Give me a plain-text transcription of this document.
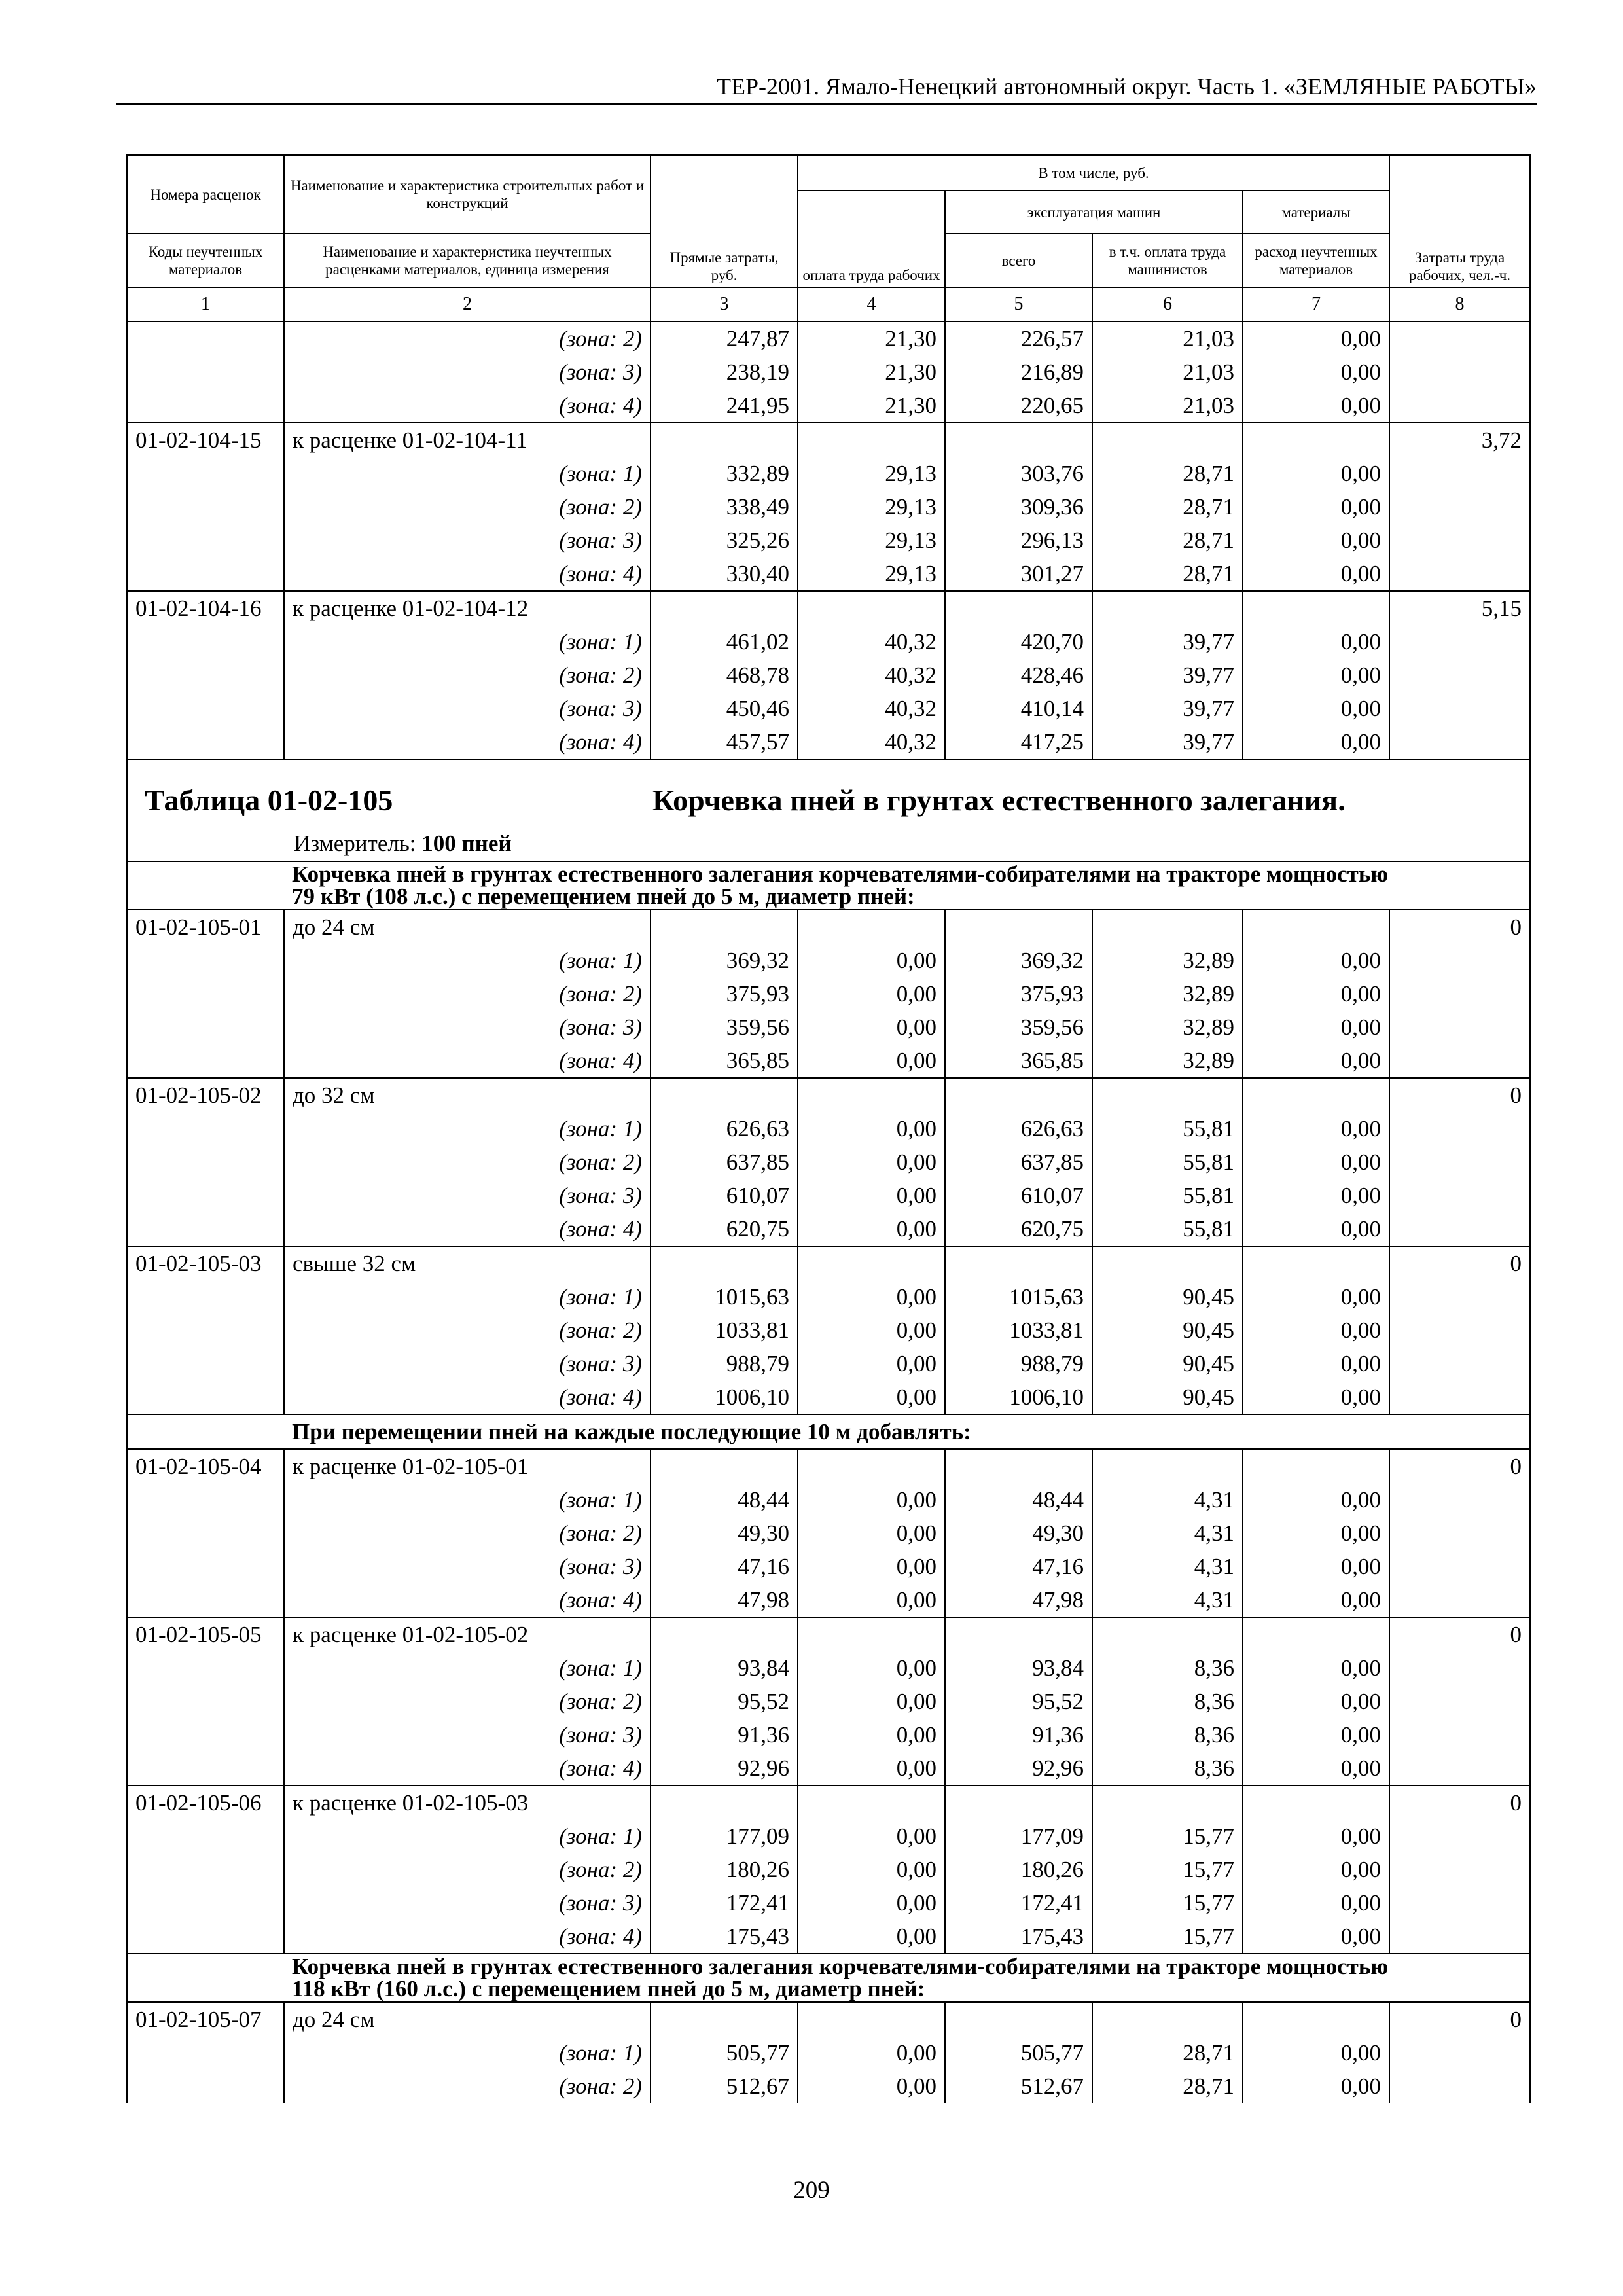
ТЕР-2001. Ямало-Ненецкий автономный округ. Часть 1. «ЗЕМЛЯНЫЕ РАБОТЫ»
Номера расценок	Наименование и характеристика строительных работ и конструкций	Прямые затраты, руб.	В том числе, руб.				Затраты труда рабочих, чел.-ч.
			оплата труда рабочих	эксплуатация машин		материалы	
Коды неучтенных материалов	Наименование и характеристика неучтенных расценками материалов, единица измерения			всего	в т.ч. оплата труда машинистов	расход неучтенных материалов	
1	2	3	4	5	6	7	8
	(зона: 2)	247,87	21,30	226,57	21,03	0,00	
	(зона: 3)	238,19	21,30	216,89	21,03	0,00	
	(зона: 4)	241,95	21,30	220,65	21,03	0,00	
01-02-104-15	к расценке 01-02-104-11						3,72
	(зона: 1)	332,89	29,13	303,76	28,71	0,00	
	(зона: 2)	338,49	29,13	309,36	28,71	0,00	
	(зона: 3)	325,26	29,13	296,13	28,71	0,00	
	(зона: 4)	330,40	29,13	301,27	28,71	0,00	
01-02-104-16	к расценке 01-02-104-12						5,15
	(зона: 1)	461,02	40,32	420,70	39,77	0,00	
	(зона: 2)	468,78	40,32	428,46	39,77	0,00	
	(зона: 3)	450,46	40,32	410,14	39,77	0,00	
	(зона: 4)	457,57	40,32	417,25	39,77	0,00	

Таблица 01-02-105 Корчевка пней в грунтах естественного залегания.
Измеритель: 100 пней							

	Корчевка пней в грунтах естественного залегания корчевателями-собирателями на тракторе мощностью 79 кВт (108 л.с.) с перемещением пней до 5 м, диаметр пней:						
01-02-105-01	до 24 см						0
	(зона: 1)	369,32	0,00	369,32	32,89	0,00	
	(зона: 2)	375,93	0,00	375,93	32,89	0,00	
	(зона: 3)	359,56	0,00	359,56	32,89	0,00	
	(зона: 4)	365,85	0,00	365,85	32,89	0,00	
01-02-105-02	до 32 см						0
	(зона: 1)	626,63	0,00	626,63	55,81	0,00	
	(зона: 2)	637,85	0,00	637,85	55,81	0,00	
	(зона: 3)	610,07	0,00	610,07	55,81	0,00	
	(зона: 4)	620,75	0,00	620,75	55,81	0,00	
01-02-105-03	свыше 32 см						0
	(зона: 1)	1015,63	0,00	1015,63	90,45	0,00	
	(зона: 2)	1033,81	0,00	1033,81	90,45	0,00	
	(зона: 3)	988,79	0,00	988,79	90,45	0,00	
	(зона: 4)	1006,10	0,00	1006,10	90,45	0,00	
	При перемещении пней на каждые последующие 10 м добавлять:						
01-02-105-04	к расценке 01-02-105-01						0
	(зона: 1)	48,44	0,00	48,44	4,31	0,00	
	(зона: 2)	49,30	0,00	49,30	4,31	0,00	
	(зона: 3)	47,16	0,00	47,16	4,31	0,00	
	(зона: 4)	47,98	0,00	47,98	4,31	0,00	
01-02-105-05	к расценке 01-02-105-02						0
	(зона: 1)	93,84	0,00	93,84	8,36	0,00	
	(зона: 2)	95,52	0,00	95,52	8,36	0,00	
	(зона: 3)	91,36	0,00	91,36	8,36	0,00	
	(зона: 4)	92,96	0,00	92,96	8,36	0,00	
01-02-105-06	к расценке 01-02-105-03						0
	(зона: 1)	177,09	0,00	177,09	15,77	0,00	
	(зона: 2)	180,26	0,00	180,26	15,77	0,00	
	(зона: 3)	172,41	0,00	172,41	15,77	0,00	
	(зона: 4)	175,43	0,00	175,43	15,77	0,00	
	Корчевка пней в грунтах естественного залегания корчевателями-собирателями на тракторе мощностью 118 кВт (160 л.с.) с перемещением пней до 5 м, диаметр пней:						
01-02-105-07	до 24 см						0
	(зона: 1)	505,77	0,00	505,77	28,71	0,00	
	(зона: 2)	512,67	0,00	512,67	28,71	0,00	
209
